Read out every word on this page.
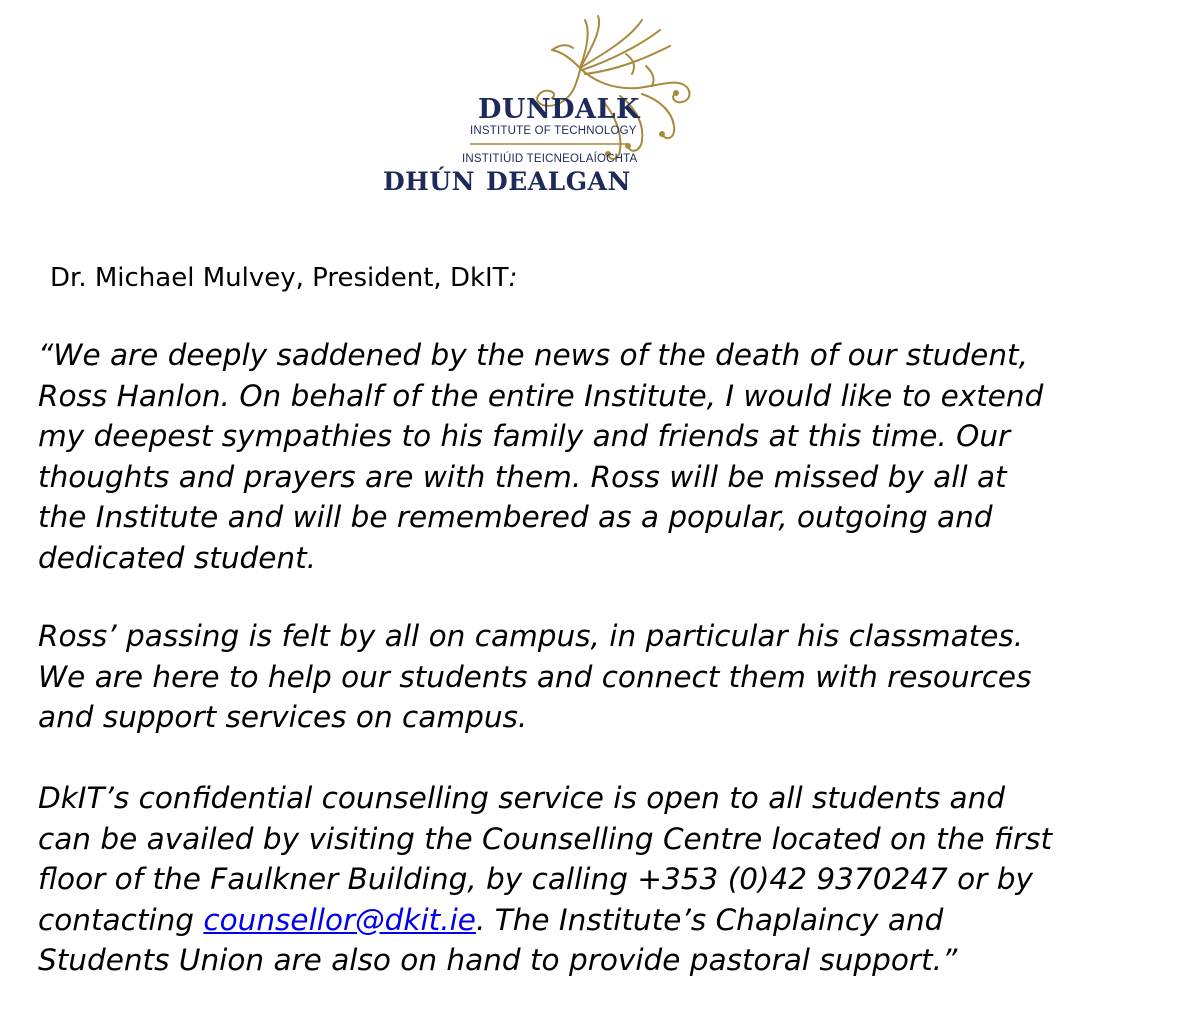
DUNDALK
INSTITUTE OF TECHNOLOGY
INSTITIÚID TEICNEOLAÍOCHTA
DHÚN DEALGAN
Dr. Michael Mulvey, President, DkIT:
“We are deeply saddened by the news of the death of our student,
Ross Hanlon. On behalf of the entire Institute, I would like to extend
my deepest sympathies to his family and friends at this time. Our
thoughts and prayers are with them. Ross will be missed by all at
the Institute and will be remembered as a popular, outgoing and
dedicated student.
Ross’ passing is felt by all on campus, in particular his classmates.
We are here to help our students and connect them with resources
and support services on campus.
DkIT’s confidential counselling service is open to all students and
can be availed by visiting the Counselling Centre located on the first
floor of the Faulkner Building, by calling +353 (0)42 9370247 or by
contacting counsellor@dkit.ie. The Institute’s Chaplaincy and
Students Union are also on hand to provide pastoral support.”
